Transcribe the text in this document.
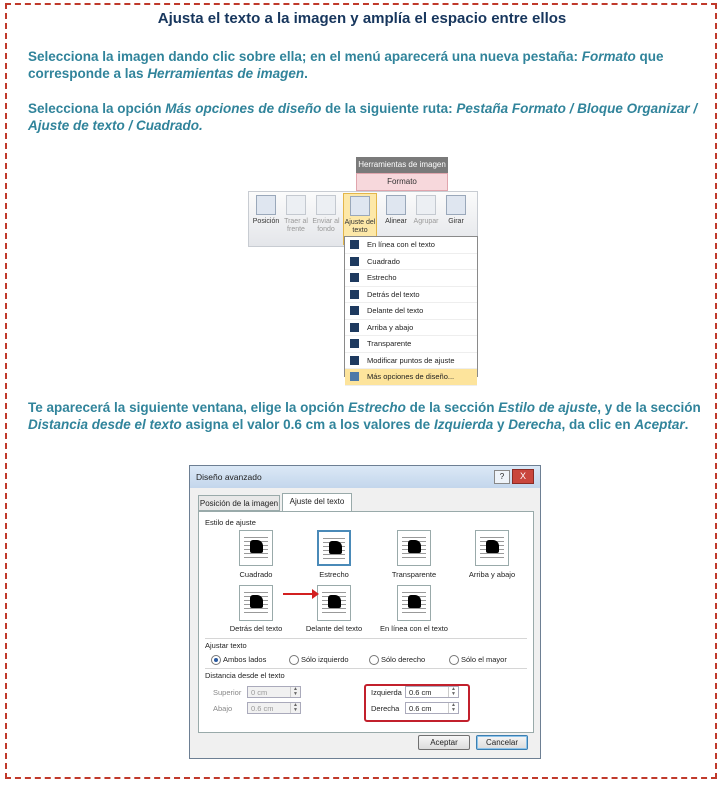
Ajusta el texto a la imagen y amplía el espacio entre ellos
Selecciona la imagen dando clic sobre ella; en el menú aparecerá una nueva pestaña: Formato que corresponde a las Herramientas de imagen.
Selecciona la opción Más opciones de diseño de la siguiente ruta: Pestaña Formato / Bloque Organizar / Ajuste de texto / Cuadrado.
Herramientas de imagen
Formato
Posición Traer al frente
Enviar al fondo
Ajuste del texto
Alinear Agrupar	Girar
En línea con el texto
Cuadrado
Estrecho
Detrás del texto
Delante del texto
Arriba y abajo
Transparente
Modificar puntos de ajuste
Más opciones de diseño...
Te aparecerá la siguiente ventana, elige la opción Estrecho de la sección Estilo de ajuste, y de la sección Distancia desde el texto asigna el valor 0.6 cm a los valores de Izquierda y Derecha, da clic en Aceptar.
Diseño avanzado	?	X
Posición de la imagen	Ajuste del texto
Estilo de ajuste
Cuadrado	Estrecho	Transparente	Arriba y abajo
Detrás del texto	Delante del texto	En línea con el texto
Ajustar texto
Ambos lados	Sólo izquierdo	Sólo derecho	Sólo el mayor
Distancia desde el texto
Superior	0 cm	▲
▼
Abajo	0.6 cm	▲
▼
Izquierda 0.6 cm	▲
▼
Derecha	0.6 cm	▲
▼
Aceptar	Cancelar
